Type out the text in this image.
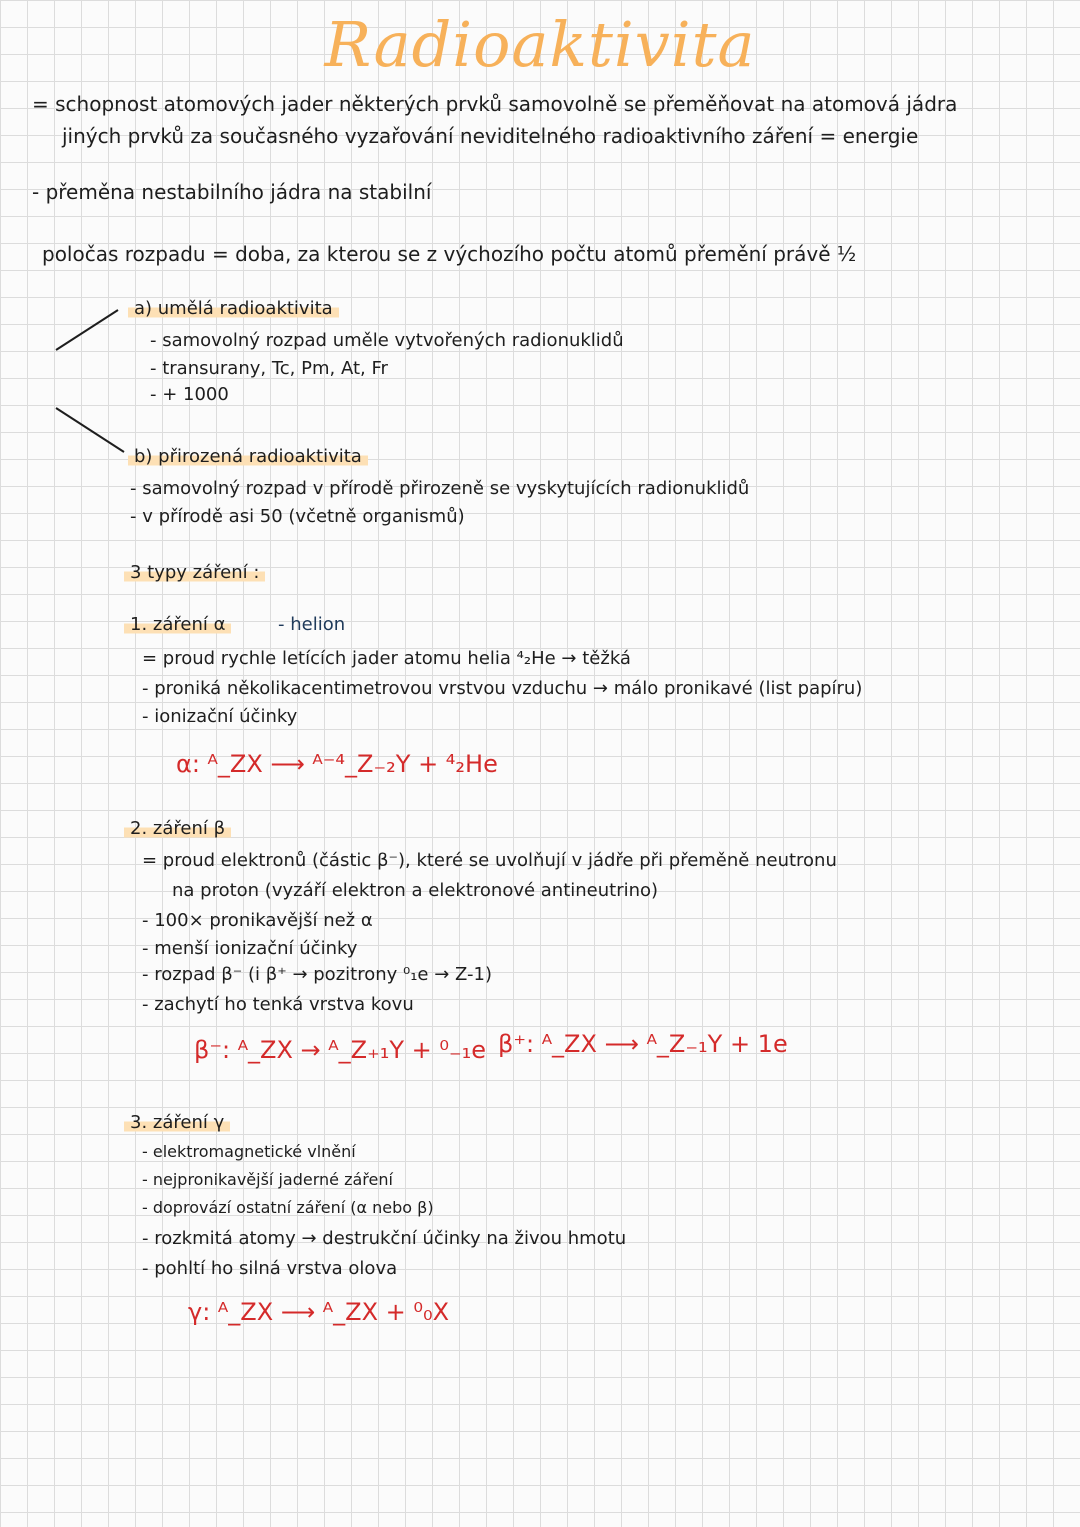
Radioaktivita
= schopnost atomových jader některých prvků samovolně se přeměňovat na atomová jádra
jiných prvků za současného vyzařování neviditelného radioaktivního záření = energie
- přeměna nestabilního jádra na stabilní
poločas rozpadu = doba, za kterou se z výchozího počtu atomů přemění právě ½
a) umělá radioaktivita
- samovolný rozpad uměle vytvořených radionuklidů
- transurany, Tc, Pm, At, Fr
- + 1000
b) přirozená radioaktivita
- samovolný rozpad v přírodě přirozeně se vyskytujících radionuklidů
- v přírodě asi 50 (včetně organismů)
3 typy záření :
1. záření α	- helion
= proud rychle letících jader atomu helia ⁴₂He → těžká
- proniká několikacentimetrovou vrstvou vzduchu → málo pronikavé (list papíru)
- ionizační účinky
α: ᴬ_ZX ⟶ ᴬ⁻⁴_Z₋₂Y + ⁴₂He
2. záření β
= proud elektronů (částic β⁻), které se uvolňují v jádře při přeměně neutronu
na proton (vyzáří elektron a elektronové antineutrino)
- 100× pronikavější než α
- menší ionizační účinky
- rozpad β⁻ (i β⁺ → pozitrony ⁰₁e → Z-1)
- zachytí ho tenká vrstva kovu
β⁻: ᴬ_ZX → ᴬ_Z₊₁Y + ⁰₋₁e β⁺: ᴬ_ZX ⟶ ᴬ_Z₋₁Y + 1e
3. záření γ
- elektromagnetické vlnění
- nejpronikavější jaderné záření
- doprovází ostatní záření (α nebo β)
- rozkmitá atomy → destrukční účinky na živou hmotu
- pohltí ho silná vrstva olova
γ: ᴬ_ZX ⟶ ᴬ_ZX + ⁰₀X
